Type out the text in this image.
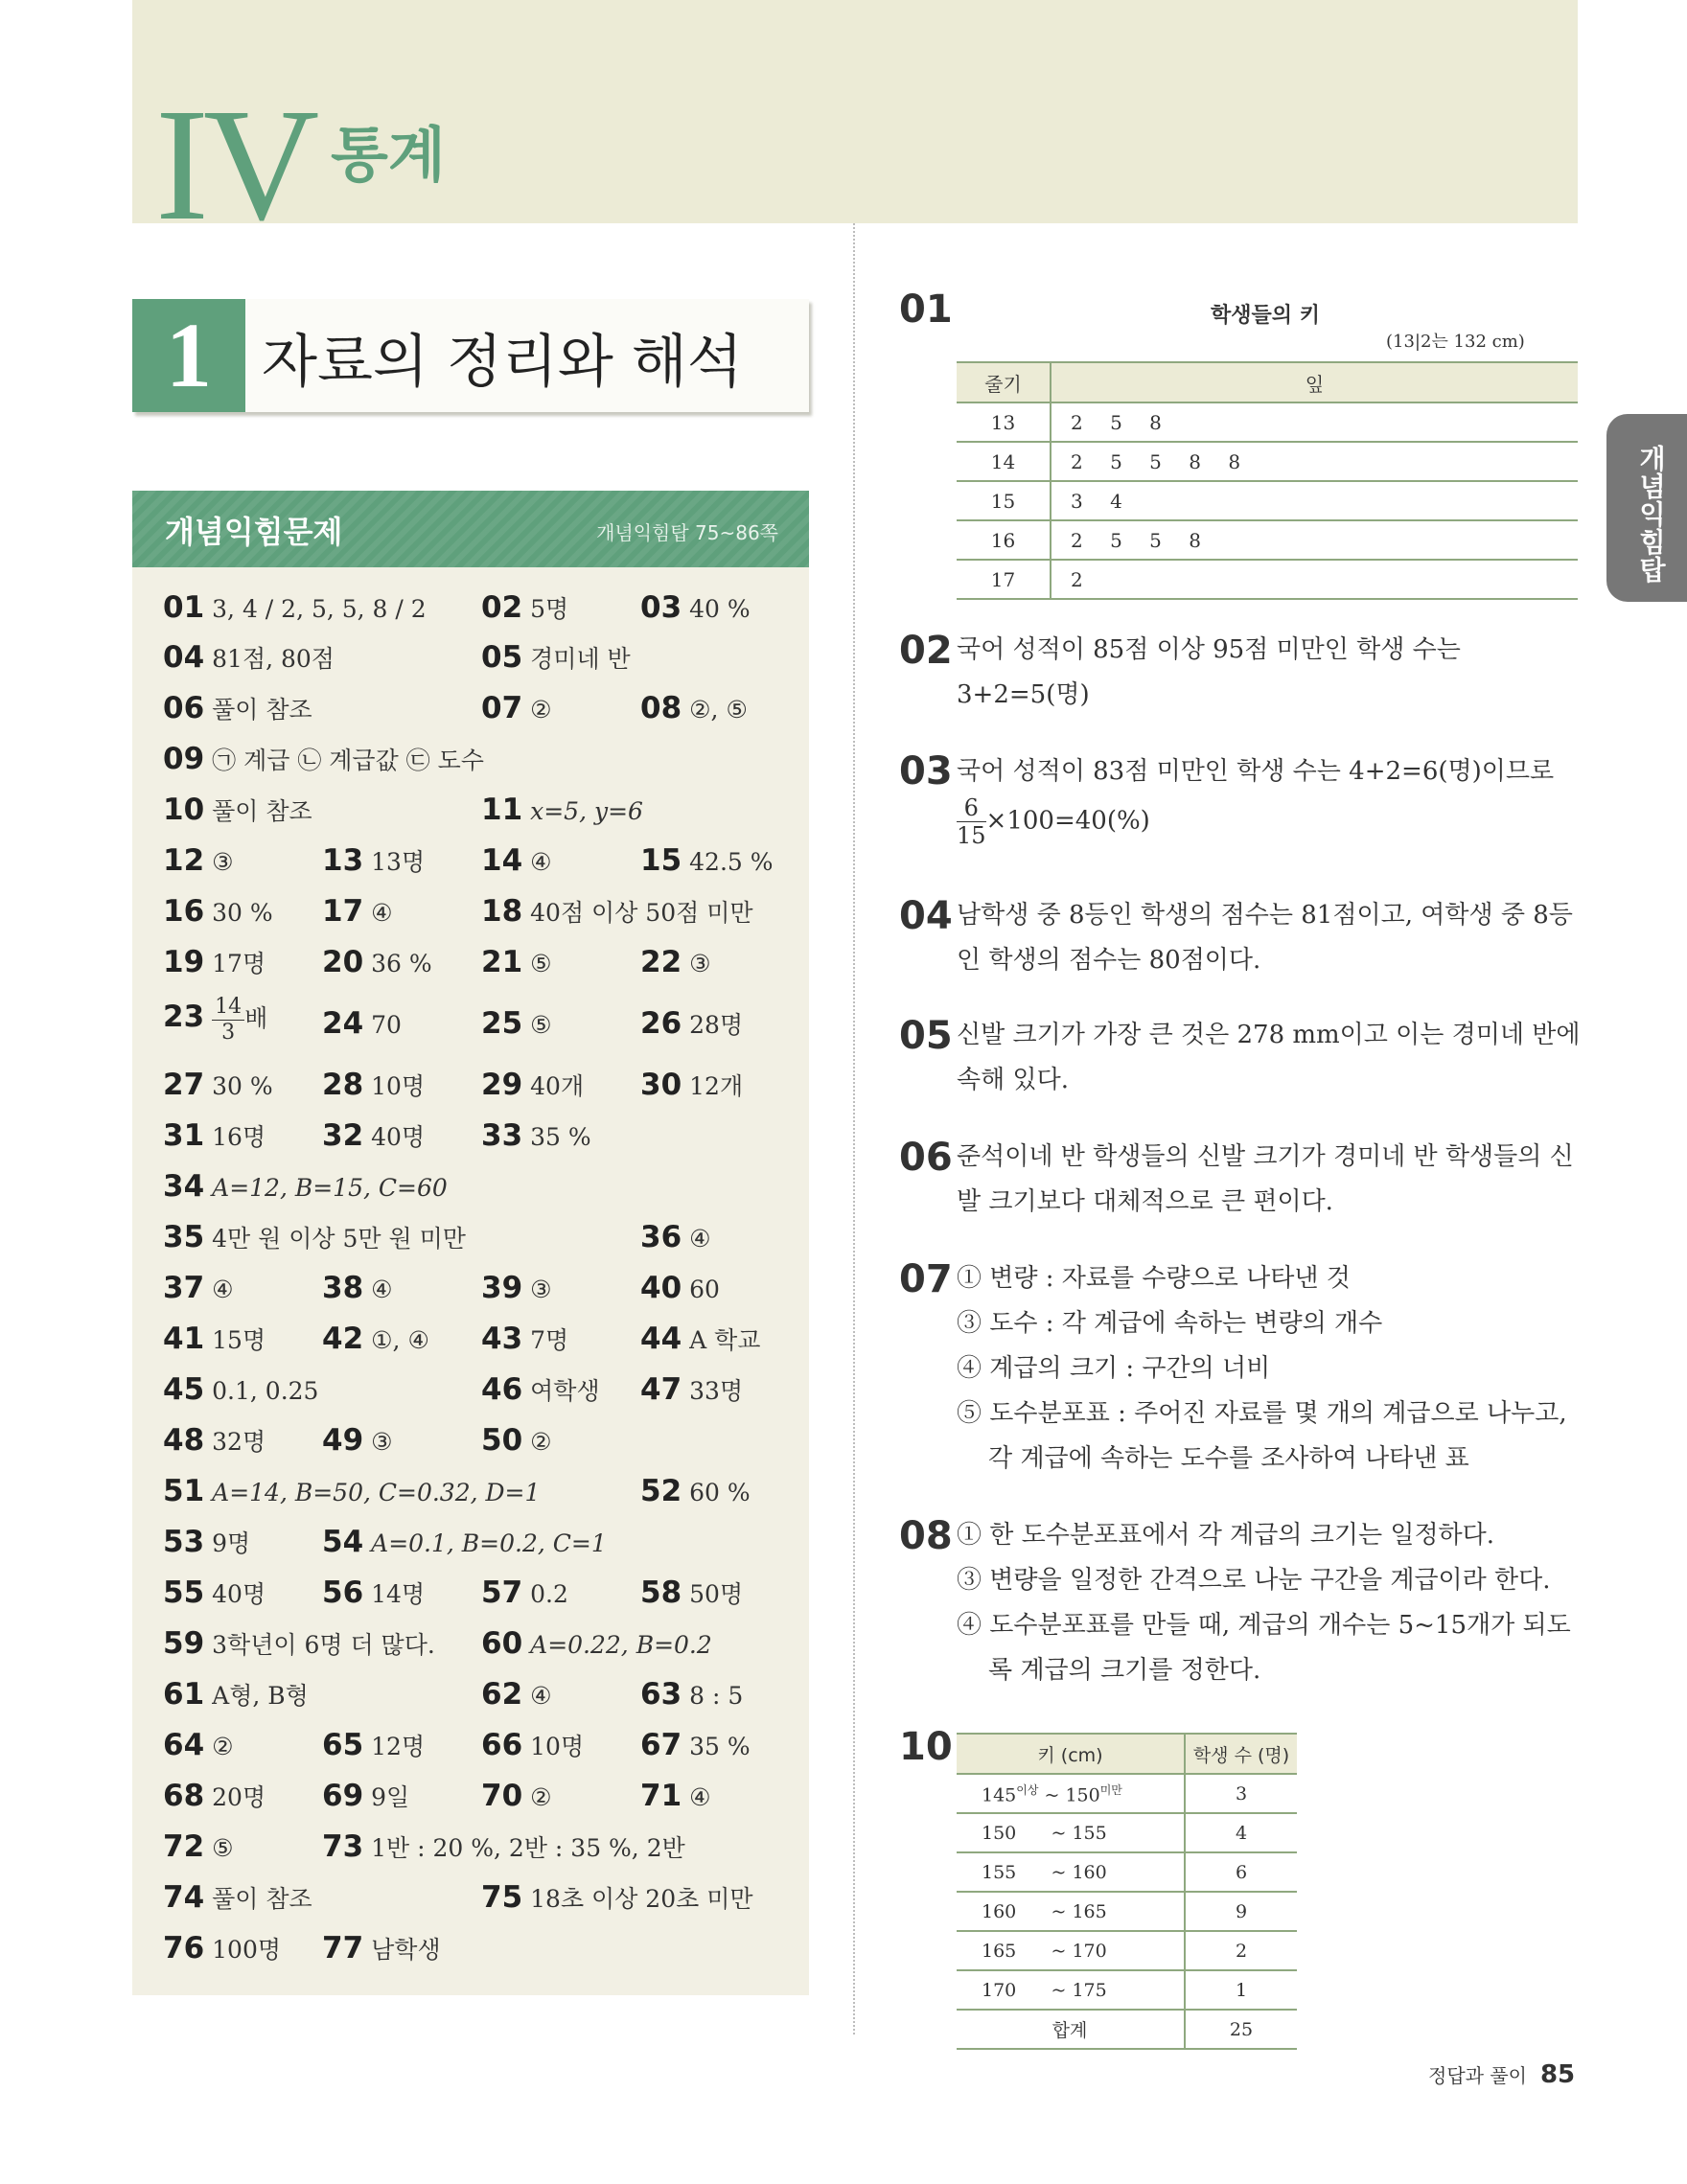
IV 통계
1 자료의 정리와 해석
개념익힘문제	개념익힘탑 75~86쪽
01 3, 4 / 2, 5, 5, 8 / 2 02 5명 03 40 %
04 81점, 80점	05 경미네 반
06 풀이 참조	07 ②	08 ②, ⑤
09 ㉠ 계급 ㉡ 계급값 ㉢ 도수
10 풀이 참조	11 x=5, y=6
12 ③	13 13명 14 ④	15 42.5 %
16 30 % 17 ④	18 40점 이상 50점 미만
19 17명 20 36 % 21 ⑤	22 ③
$23 \frac{14}{3}$ 배 24 70	25 ⑤	26 28명
27 30 % 28 10명 29 40개 30 12개
31 16명 32 40명 33 35 %
34 A=12, B=15, C=60
35 4만 원 이상 5만 원 미만	36 ④
37 ④	38 ④	39 ③	40 60
41 15명 42 ①, ④ 43 7명 44 A 학교
45 0.1, 0.25	46 여학생 47 33명
48 32명 49 ③	50 ②
51 A=14, B=50, C=0.32, D=1	52 60 %
53 9명 54 A=0.1, B=0.2, C=1
55 40명 56 14명 57 0.2 58 50명
59 3학년이 6명 더 많다. 60 A=0.22, B=0.2
61 A형, B형	62 ④	63 8 : 5
64 ②	65 12명 66 10명 67 35 %
68 20명 69 9일 70 ②	71 ④
72 ⑤	73 1반 : 20 %, 2반 : 35 %, 2반
74 풀이 참조	75 18초 이상 20초 미만
76 100명 77 남학생
개념익힘탑
01	학생들의 키
(13|2는 132 cm)
줄기	잎
13	2 5 8
14	2 5 5 8 8
15	3 4
16	2 5 5 8
17	2
02 국어 성적이 85점 이상 95점 미만인 학생 수는
3+2=5(명)
03 국어 성적이 83점 미만인 학생 수는 4+2=6(명)이므로
$\frac{6}{15} \times 100=40(\%)$
04 남학생 중 8등인 학생의 점수는 81점이고, 여학생 중 8등
인 학생의 점수는 80점이다.
05 신발 크기가 가장 큰 것은 278 mm이고 이는 경미네 반에
속해 있다.
06 준석이네 반 학생들의 신발 크기가 경미네 반 학생들의 신
발 크기보다 대체적으로 큰 편이다.
07 ① 변량 : 자료를 수량으로 나타낸 것
③ 도수 : 각 계급에 속하는 변량의 개수
④ 계급의 크기 : 구간의 너비
⑤ 도수분포표 : 주어진 자료를 몇 개의 계급으로 나누고,
각 계급에 속하는 도수를 조사하여 나타낸 표
08 ① 한 도수분포표에서 각 계급의 크기는 일정하다.
③ 변량을 일정한 간격으로 나눈 구간을 계급이라 한다.
④ 도수분포표를 만들 때, 계급의 개수는 5~15개가 되도
록 계급의 크기를 정한다.
10	키 (cm)	학생 수 (명)
$145^{이상}$ ~ $150^{미만}$	3
150      ~ 155	4
155      ~ 160	6
160      ~ 165	9
165      ~ 170	2
170      ~ 175	1
합계	25
정답과 풀이 85
